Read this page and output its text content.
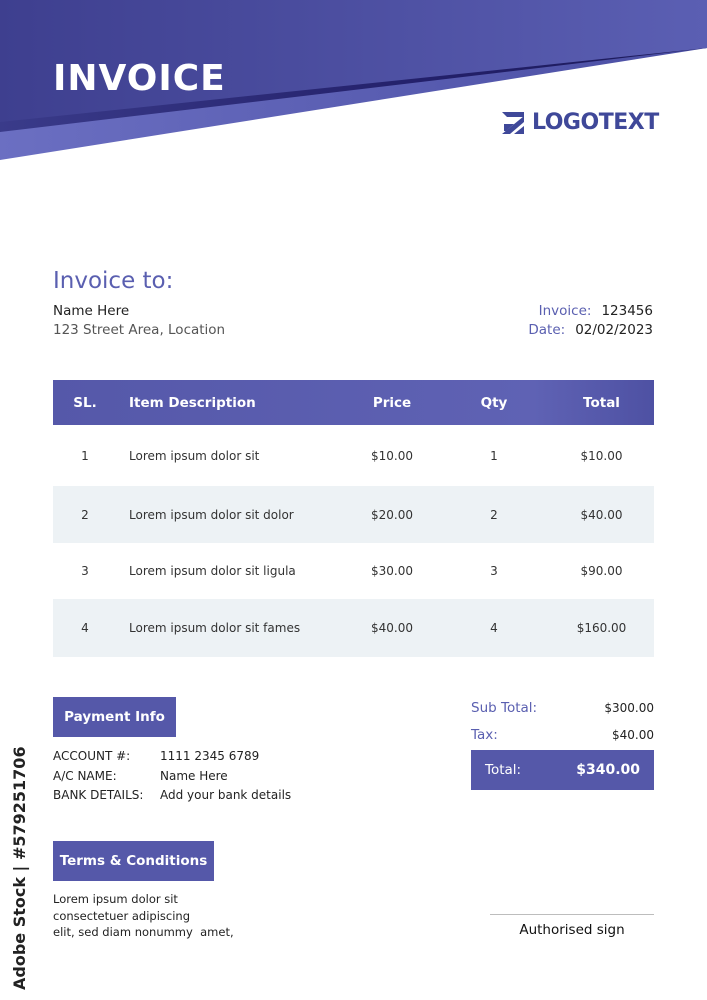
INVOICE
LOGOTEXT
Invoice to:
Name Here
123 Street Area, Location
Invoice: 123456
Date: 02/02/2023
SL.	Item Description	Price	Qty	Total
1	Lorem ipsum dolor sit	$10.00	1	$10.00
2	Lorem ipsum dolor sit dolor	$20.00	2	$40.00
3	Lorem ipsum dolor sit ligula	$30.00	3	$90.00
4	Lorem ipsum dolor sit fames	$40.00	4	$160.00
Payment Info
ACCOUNT #:	1111 2345 6789
A/C NAME:	Name Here
BANK DETAILS:	Add your bank details
Sub Total:	$300.00
Tax:	$40.00
Total:	$340.00
Terms & Conditions
Lorem ipsum dolor sit
consectetuer adipiscing
elit, sed diam nonummy  amet,	Authorised sign
Adobe Stock | #579251706
